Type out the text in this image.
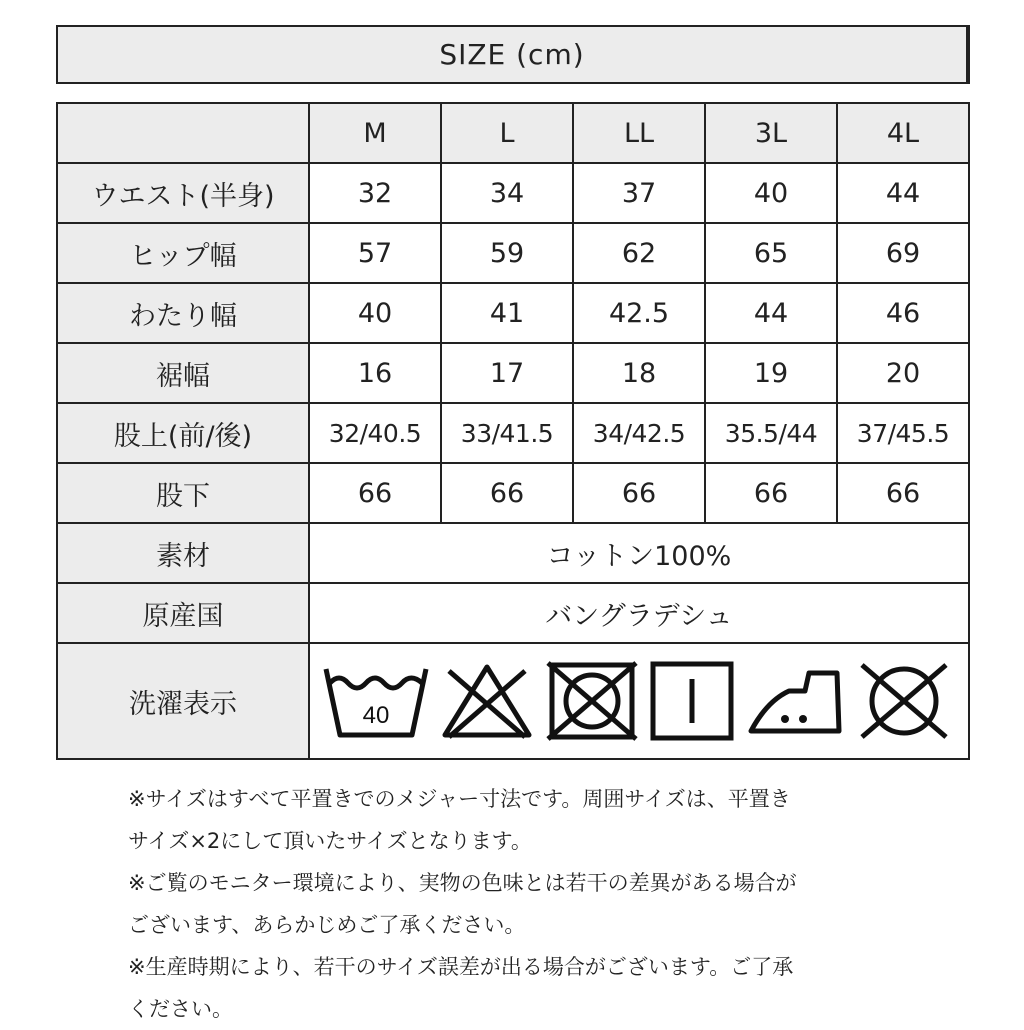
SIZE (cm)
	M	L	LL	3L	4L
ウエスト(半身)	32	34	37	40	44
ヒップ幅	57	59	62	65	69
わたり幅	40	41	42.5	44	46
裾幅	16	17	18	19	20
股上(前/後)	32/40.5	33/41.5	34/42.5	35.5/44	37/45.5
股下	66	66	66	66	66
素材	コットン100%				
原産国	バングラデシュ				
洗濯表示	40				

※サイズはすべて平置きでのメジャー寸法です。周囲サイズは、平置き

サイズ×2にして頂いたサイズとなります。

※ご覧のモニター環境により、実物の色味とは若干の差異がある場合が

ございます、あらかじめご了承ください。

※生産時期により、若干のサイズ誤差が出る場合がございます。ご了承

ください。
